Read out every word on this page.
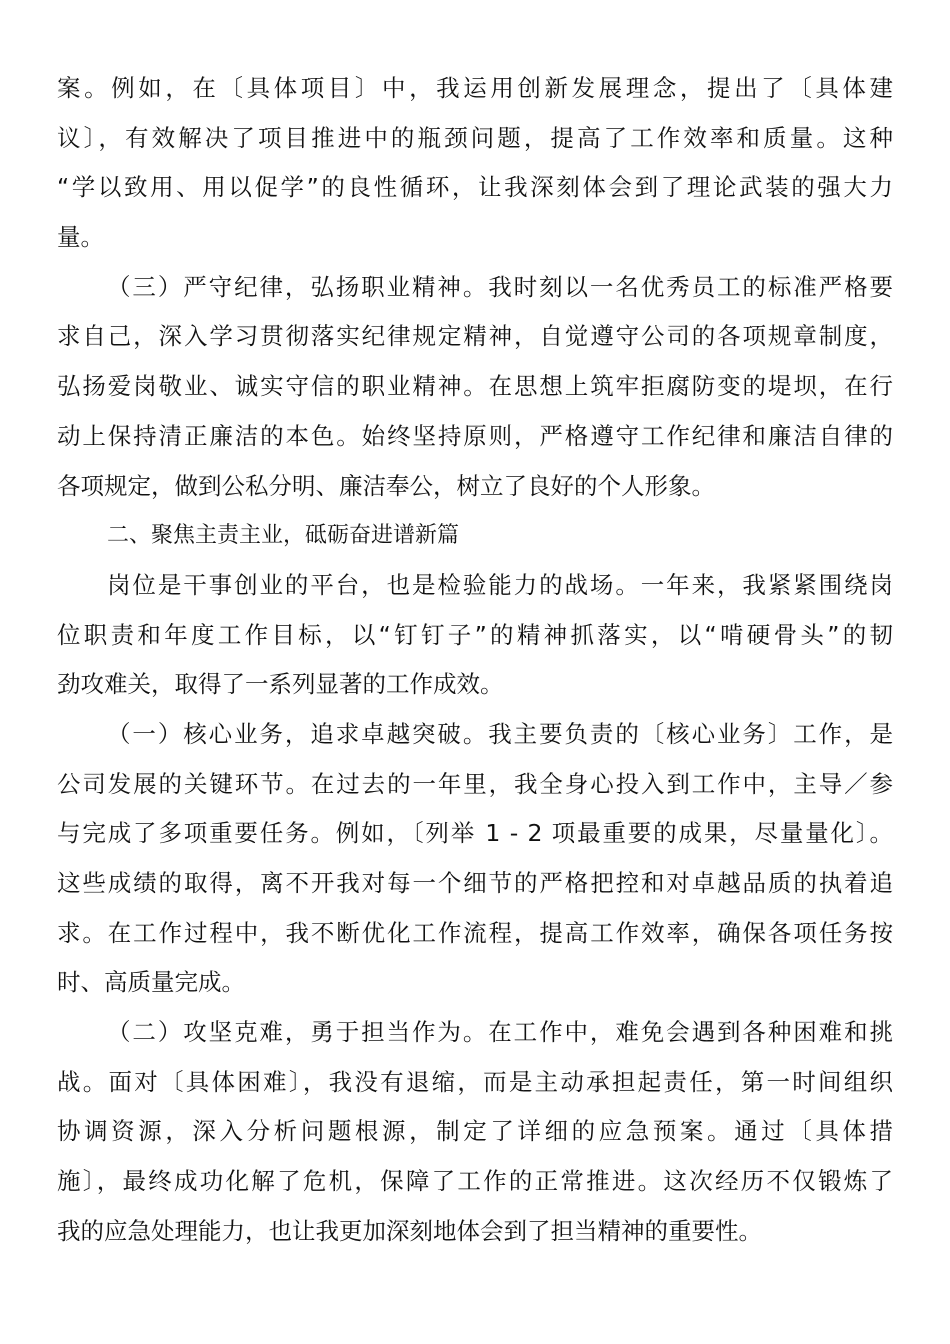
案。例如，在〔具体项目〕中，我运用创新发展理念，提出了〔具体建
议〕，有效解决了项目推进中的瓶颈问题，提高了工作效率和质量。这种
“学以致用、用以促学”的良性循环，让我深刻体会到了理论武装的强大力
量。
（三）严守纪律，弘扬职业精神。我时刻以一名优秀员工的标准严格要
求自己，深入学习贯彻落实纪律规定精神，自觉遵守公司的各项规章制度，
弘扬爱岗敬业、诚实守信的职业精神。在思想上筑牢拒腐防变的堤坝，在行
动上保持清正廉洁的本色。始终坚持原则，严格遵守工作纪律和廉洁自律的
各项规定，做到公私分明、廉洁奉公，树立了良好的个人形象。
二、聚焦主责主业，砥砺奋进谱新篇
岗位是干事创业的平台，也是检验能力的战场。一年来，我紧紧围绕岗
位职责和年度工作目标，以“钉钉子”的精神抓落实，以“啃硬骨头”的韧
劲攻难关，取得了一系列显著的工作成效。
（一）核心业务，追求卓越突破。我主要负责的〔核心业务〕工作，是
公司发展的关键环节。在过去的一年里，我全身心投入到工作中，主导／参
与完成了多项重要任务。例如，〔列举 1 - 2 项最重要的成果，尽量量化〕。
这些成绩的取得，离不开我对每一个细节的严格把控和对卓越品质的执着追
求。在工作过程中，我不断优化工作流程，提高工作效率，确保各项任务按
时、高质量完成。
（二）攻坚克难，勇于担当作为。在工作中，难免会遇到各种困难和挑
战。面对〔具体困难〕，我没有退缩，而是主动承担起责任，第一时间组织
协调资源，深入分析问题根源，制定了详细的应急预案。通过〔具体措
施〕，最终成功化解了危机，保障了工作的正常推进。这次经历不仅锻炼了
我的应急处理能力，也让我更加深刻地体会到了担当精神的重要性。
